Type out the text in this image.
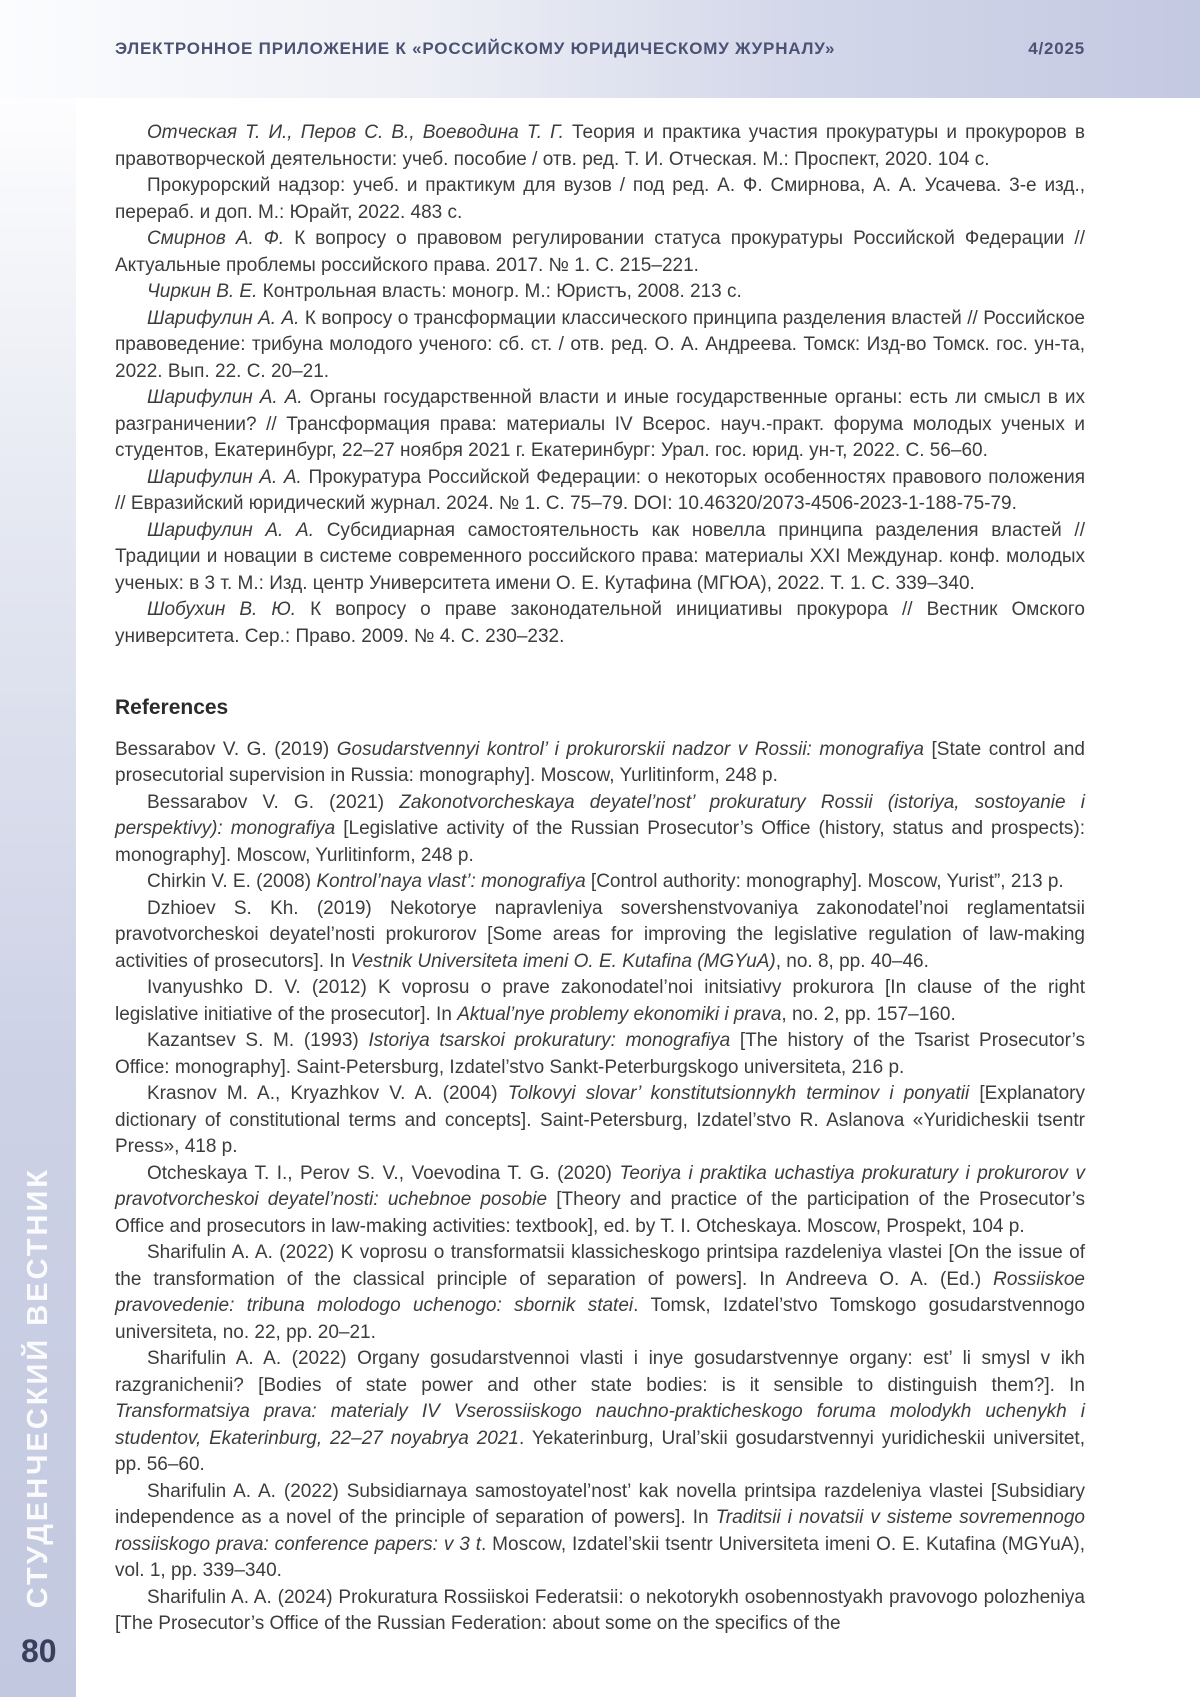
ЭЛЕКТРОННОЕ ПРИЛОЖЕНИЕ К «РОССИЙСКОМУ ЮРИДИЧЕСКОМУ ЖУРНАЛУ»	4/2025
СТУДЕНЧЕСКИЙ ВЕСТНИК
80

Отческая Т. И., Перов С. В., Воеводина Т. Г. Теория и практика участия прокуратуры и прокуроров в правотворческой деятельности: учеб. пособие / отв. ред. Т. И. Отческая. М.: Проспект, 2020. 104 с.

Прокурорский надзор: учеб. и практикум для вузов / под ред. А. Ф. Смирнова, А. А. Усачева. 3-е изд., перераб. и доп. М.: Юрайт, 2022. 483 с.

Смирнов А. Ф. К вопросу о правовом регулировании статуса прокуратуры Российской Федерации // Актуальные проблемы российского права. 2017. № 1. С. 215–221.

Чиркин В. Е. Контрольная власть: моногр. М.: Юристъ, 2008. 213 с.

Шарифулин А. А. К вопросу о трансформации классического принципа разделения властей // Российское правоведение: трибуна молодого ученого: сб. ст. / отв. ред. О. А. Андреева. Томск: Изд-во Томск. гос. ун-та, 2022. Вып. 22. С. 20–21.

Шарифулин А. А. Органы государственной власти и иные государственные органы: есть ли смысл в их разграничении? // Трансформация права: материалы IV Всерос. науч.-практ. форума молодых ученых и студентов, Екатеринбург, 22–27 ноября 2021 г. Екатеринбург: Урал. гос. юрид. ун-т, 2022. С. 56–60.

Шарифулин А. А. Прокуратура Российской Федерации: о некоторых особенностях правового положения // Евразийский юридический журнал. 2024. № 1. С. 75–79. DOI: 10.46320/2073-4506-2023-1-188-75-79.

Шарифулин А. А. Субсидиарная самостоятельность как новелла принципа разделения властей // Традиции и новации в системе современного российского права: материалы XXI Междунар. конф. молодых ученых: в 3 т. М.: Изд. центр Университета имени О. Е. Кутафина (МГЮА), 2022. Т. 1. С. 339–340.

Шобухин В. Ю. К вопросу о праве законодательной инициативы прокурора // Вестник Омского университета. Сер.: Право. 2009. № 4. С. 230–232.

References

Bessarabov V. G. (2019) Gosudarstvennyi kontrol’ i prokurorskii nadzor v Rossii: monografiya [State control and prosecutorial supervision in Russia: monography]. Moscow, Yurlitinform, 248 p.

Bessarabov V. G. (2021) Zakonotvorcheskaya deyatel’nost’ prokuratury Rossii (istoriya, sostoyanie i perspektivy): monografiya [Legislative activity of the Russian Prosecutor’s Office (history, status and prospects): monography]. Moscow, Yurlitinform, 248 p.

Chirkin V. E. (2008) Kontrol’naya vlast’: monografiya [Control authority: monography]. Moscow, Yurist”, 213 p.

Dzhioev S. Kh. (2019) Nekotorye napravleniya sovershenstvovaniya zakonodatel’noi reglamentatsii pravotvorcheskoi deyatel’nosti prokurorov [Some areas for improving the legislative regulation of law-making activities of prosecutors]. In Vestnik Universiteta imeni O. E. Kutafina (MGYuA), no. 8, pp. 40–46.

Ivanyushko D. V. (2012) K voprosu o prave zakonodatel’noi initsiativy prokurora [In clause of the right legislative initiative of the prosecutor]. In Aktual’nye problemy ekonomiki i prava, no. 2, pp. 157–160.

Kazantsev S. M. (1993) Istoriya tsarskoi prokuratury: monografiya [The history of the Tsarist Prosecutor’s Office: monography]. Saint-Petersburg, Izdatel’stvo Sankt-Peterburgskogo universiteta, 216 p.

Krasnov M. A., Kryazhkov V. A. (2004) Tolkovyi slovar’ konstitutsionnykh terminov i ponyatii [Explanatory dictionary of constitutional terms and concepts]. Saint-Petersburg, Izdatel’stvo R. Aslanova «Yuridicheskii tsentr Press», 418 p.

Otcheskaya T. I., Perov S. V., Voevodina T. G. (2020) Teoriya i praktika uchastiya prokuratury i prokurorov v pravotvorcheskoi deyatel’nosti: uchebnoe posobie [Theory and practice of the participation of the Prosecutor’s Office and prosecutors in law-making activities: textbook], ed. by T. I. Otcheskaya. Moscow, Prospekt, 104 p.

Sharifulin A. A. (2022) K voprosu o transformatsii klassicheskogo printsipa razdeleniya vlastei [On the issue of the transformation of the classical principle of separation of powers]. In Andreeva O. A. (Ed.) Rossiiskoe pravovedenie: tribuna molodogo uchenogo: sbornik statei. Tomsk, Izdatel’stvo Tomskogo gosudarstvennogo universiteta, no. 22, pp. 20–21.

Sharifulin A. A. (2022) Organy gosudarstvennoi vlasti i inye gosudarstvennye organy: est’ li smysl v ikh razgranichenii? [Bodies of state power and other state bodies: is it sensible to distinguish them?]. In Transformatsiya prava: materialy IV Vserossiiskogo nauchno-prakticheskogo foruma molodykh uchenykh i studentov, Ekaterinburg, 22–27 noyabrya 2021. Yekaterinburg, Ural’skii gosudarstvennyi yuridicheskii universitet, pp. 56–60.

Sharifulin A. A. (2022) Subsidiarnaya samostoyatel’nost’ kak novella printsipa razdeleniya vlastei [Subsidiary independence as a novel of the principle of separation of powers]. In Traditsii i novatsii v sisteme sovremennogo rossiiskogo prava: conference papers: v 3 t. Moscow, Izdatel’skii tsentr Universiteta imeni O. E. Kutafina (MGYuA), vol. 1, pp. 339–340.

Sharifulin A. A. (2024) Prokuratura Rossiiskoi Federatsii: o nekotorykh osobennostyakh pravovogo polozheniya [The Prosecutor’s Office of the Russian Federation: about some on the specifics of the
